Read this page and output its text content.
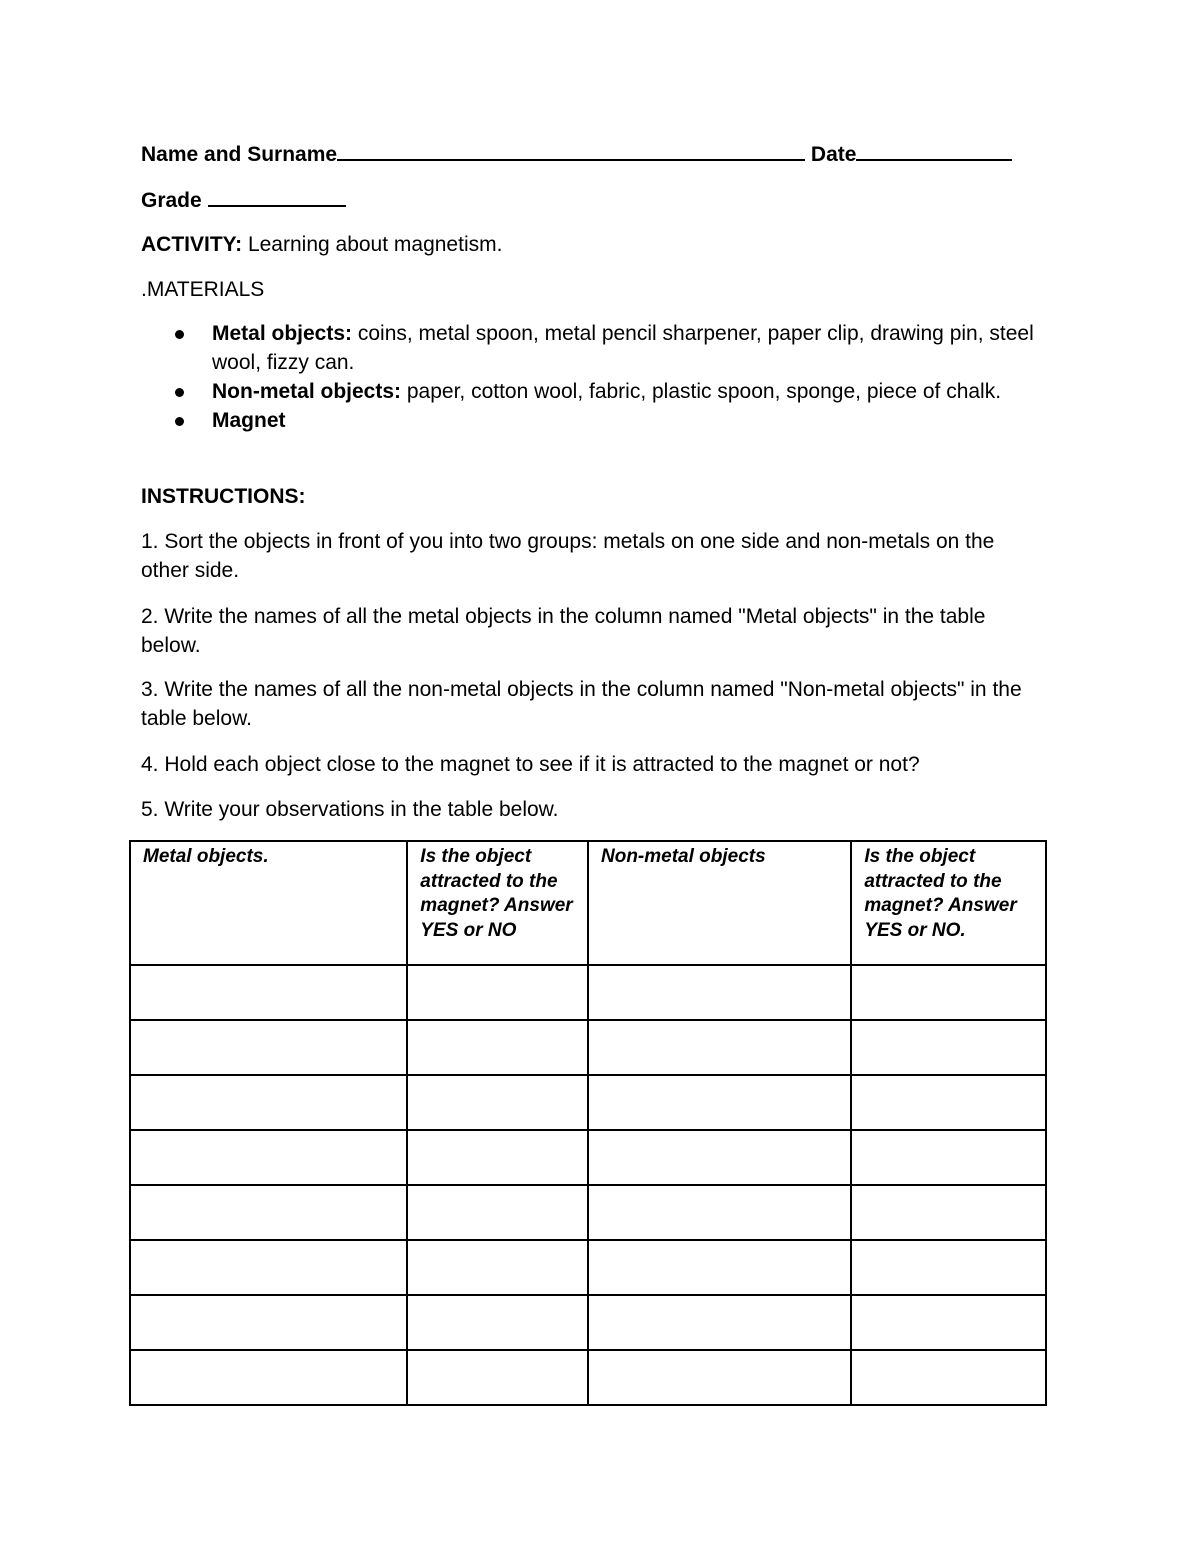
Name and Surname	Date
Grade
ACTIVITY: Learning about magnetism.
.MATERIALS
Metal objects: coins, metal spoon, metal pencil sharpener, paper clip, drawing pin, steel wool, fizzy can.
Non-metal objects: paper, cotton wool, fabric, plastic spoon, sponge, piece of chalk.
Magnet
INSTRUCTIONS:
1. Sort the objects in front of you into two groups: metals on one side and non-metals on the other side.
2. Write the names of all the metal objects in the column named "Metal objects" in the table below.
3. Write the names of all the non-metal objects in the column named "Non-metal objects" in the table below.
4. Hold each object close to the magnet to see if it is attracted to the magnet or not?
5. Write your observations in the table below.
Metal objects.	Is the object attracted to the magnet? Answer YES or NO	Non-metal objects	Is the object attracted to the magnet? Answer YES or NO.
